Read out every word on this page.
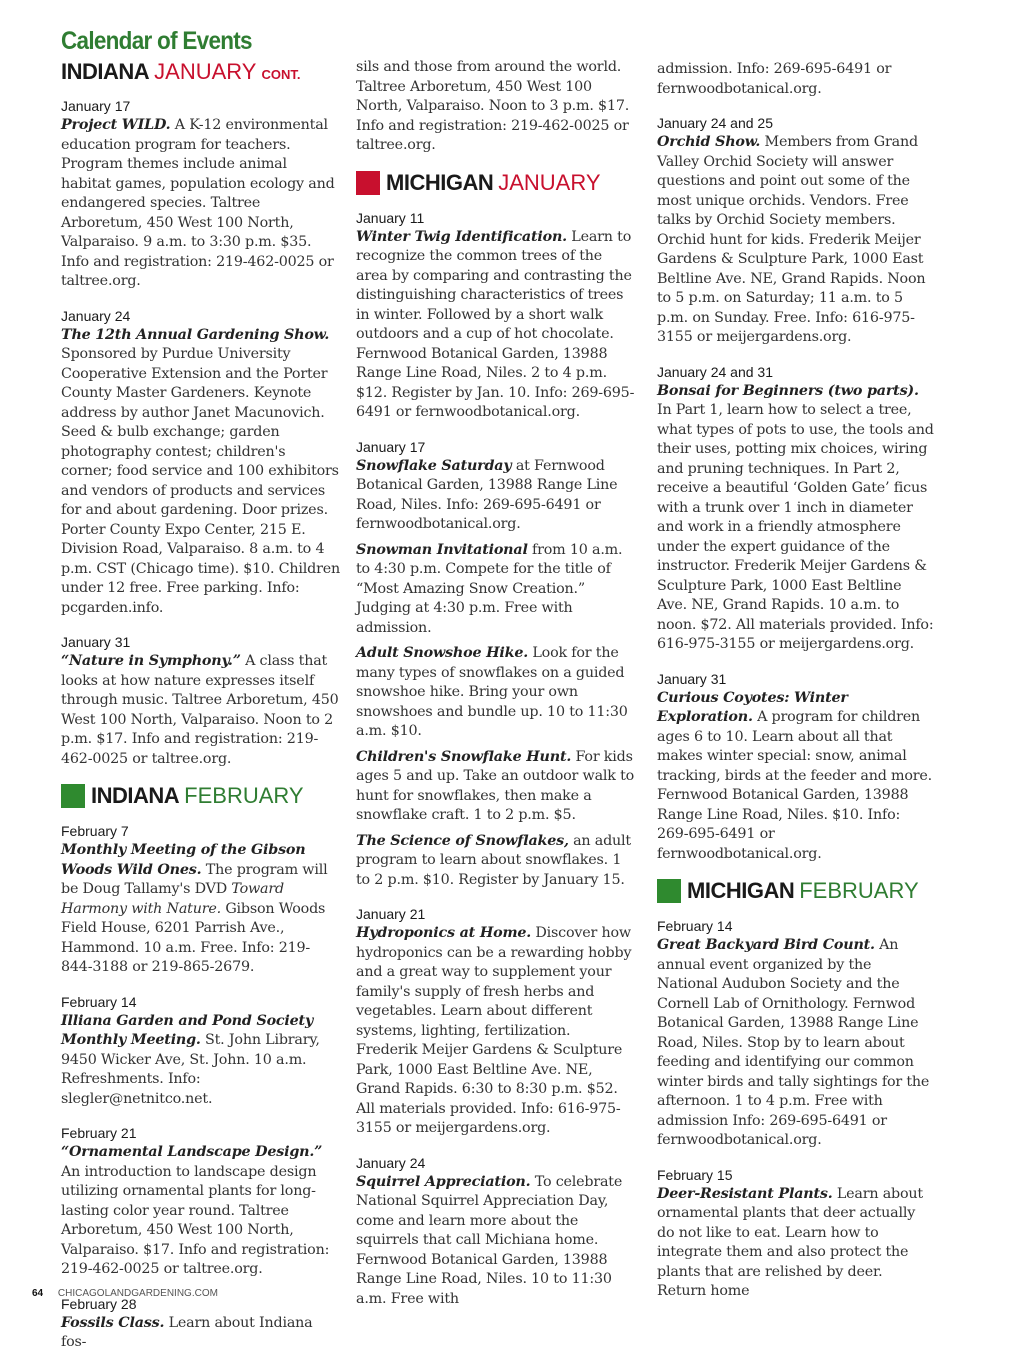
Calendar of Events
INDIANA JANUARY CONT.
January 17
Project WILD. A K-12 environmental education program for teachers. Program themes include animal habitat games, population ecology and endangered species. Taltree Arboretum, 450 West 100 North, Valparaiso. 9 a.m. to 3:30 p.m. $35. Info and registration: 219-462-0025 or taltree.org.
January 24
The 12th Annual Gardening Show. Sponsored by Purdue University Cooperative Extension and the Porter County Master Gardeners. Keynote address by author Janet Macunovich. Seed & bulb exchange; garden photography contest; children's corner; food service and 100 exhibitors and vendors of products and services for and about gardening. Door prizes. Porter County Expo Center, 215 E. Division Road, Valparaiso. 8 a.m. to 4 p.m. CST (Chicago time). $10. Children under 12 free. Free parking. Info: pcgarden.info.
January 31
“Nature in Symphony.” A class that looks at how nature expresses itself through music. Taltree Arboretum, 450 West 100 North, Valparaiso. Noon to 2 p.m. $17. Info and registration: 219-462-0025 or taltree.org.
INDIANA FEBRUARY
February 7
Monthly Meeting of the Gibson Woods Wild Ones. The program will be Doug Tallamy's DVD Toward Harmony with Nature. Gibson Woods Field House, 6201 Parrish Ave., Hammond. 10 a.m. Free. Info: 219-844-3188 or 219-865-2679.
February 14
Illiana Garden and Pond Society Monthly Meeting. St. John Library, 9450 Wicker Ave, St. John. 10 a.m. Refreshments. Info: slegler@netnitco.net.
February 21
“Ornamental Landscape Design.” An introduction to landscape design utilizing ornamental plants for long-lasting color year round. Taltree Arboretum, 450 West 100 North, Valparaiso. $17. Info and registration: 219-462-0025 or taltree.org.
February 28
Fossils Class. Learn about Indiana fos-
sils and those from around the world. Taltree Arboretum, 450 West 100 North, Valparaiso. Noon to 3 p.m. $17. Info and registration: 219-462-0025 or taltree.org.
MICHIGAN JANUARY
January 11
Winter Twig Identification. Learn to recognize the common trees of the area by comparing and contrasting the distinguishing characteristics of trees in winter. Followed by a short walk outdoors and a cup of hot chocolate. Fernwood Botanical Garden, 13988 Range Line Road, Niles. 2 to 4 p.m. $12. Register by Jan. 10. Info: 269-695-6491 or fernwoodbotanical.org.
January 17
Snowflake Saturday at Fernwood Botanical Garden, 13988 Range Line Road, Niles. Info: 269-695-6491 or fernwoodbotanical.org.
Snowman Invitational from 10 a.m. to 4:30 p.m. Compete for the title of “Most Amazing Snow Creation.” Judging at 4:30 p.m. Free with admission.
Adult Snowshoe Hike. Look for the many types of snowflakes on a guided snowshoe hike. Bring your own snowshoes and bundle up. 10 to 11:30 a.m. $10.
Children's Snowflake Hunt. For kids ages 5 and up. Take an outdoor walk to hunt for snowflakes, then make a snowflake craft. 1 to 2 p.m. $5.
The Science of Snowflakes, an adult program to learn about snowflakes. 1 to 2 p.m. $10. Register by January 15.
January 21
Hydroponics at Home. Discover how hydroponics can be a rewarding hobby and a great way to supplement your family's supply of fresh herbs and vegetables. Learn about different systems, lighting, fertilization. Frederik Meijer Gardens & Sculpture Park, 1000 East Beltline Ave. NE, Grand Rapids. 6:30 to 8:30 p.m. $52. All materials provided. Info: 616-975-3155 or meijergardens.org.
January 24
Squirrel Appreciation. To celebrate National Squirrel Appreciation Day, come and learn more about the squirrels that call Michiana home. Fernwood Botanical Garden, 13988 Range Line Road, Niles. 10 to 11:30 a.m. Free with
admission. Info: 269-695-6491 or fernwoodbotanical.org.
January 24 and 25
Orchid Show. Members from Grand Valley Orchid Society will answer questions and point out some of the most unique orchids. Vendors. Free talks by Orchid Society members. Orchid hunt for kids. Frederik Meijer Gardens & Sculpture Park, 1000 East Beltline Ave. NE, Grand Rapids. Noon to 5 p.m. on Saturday; 11 a.m. to 5 p.m. on Sunday. Free. Info: 616-975-3155 or meijergardens.org.
January 24 and 31
Bonsai for Beginners (two parts). In Part 1, learn how to select a tree, what types of pots to use, the tools and their uses, potting mix choices, wiring and pruning techniques. In Part 2, receive a beautiful ‘Golden Gate’ ficus with a trunk over 1 inch in diameter and work in a friendly atmosphere under the expert guidance of the instructor. Frederik Meijer Gardens & Sculpture Park, 1000 East Beltline Ave. NE, Grand Rapids. 10 a.m. to noon. $72. All materials provided. Info: 616-975-3155 or meijergardens.org.
January 31
Curious Coyotes: Winter Exploration. A program for children ages 6 to 10. Learn about all that makes winter special: snow, animal tracking, birds at the feeder and more. Fernwood Botanical Garden, 13988 Range Line Road, Niles. $10. Info: 269-695-6491 or fernwoodbotanical.org.
MICHIGAN FEBRUARY
February 14
Great Backyard Bird Count. An annual event organized by the National Audubon Society and the Cornell Lab of Ornithology. Fernwod Botanical Garden, 13988 Range Line Road, Niles. Stop by to learn about feeding and identifying our common winter birds and tally sightings for the afternoon. 1 to 4 p.m. Free with admission Info: 269-695-6491 or fernwoodbotanical.org.
February 15
Deer-Resistant Plants. Learn about ornamental plants that deer actually do not like to eat. Learn how to integrate them and also protect the plants that are relished by deer. Return home
64 CHICAGOLANDGARDENING.COM
